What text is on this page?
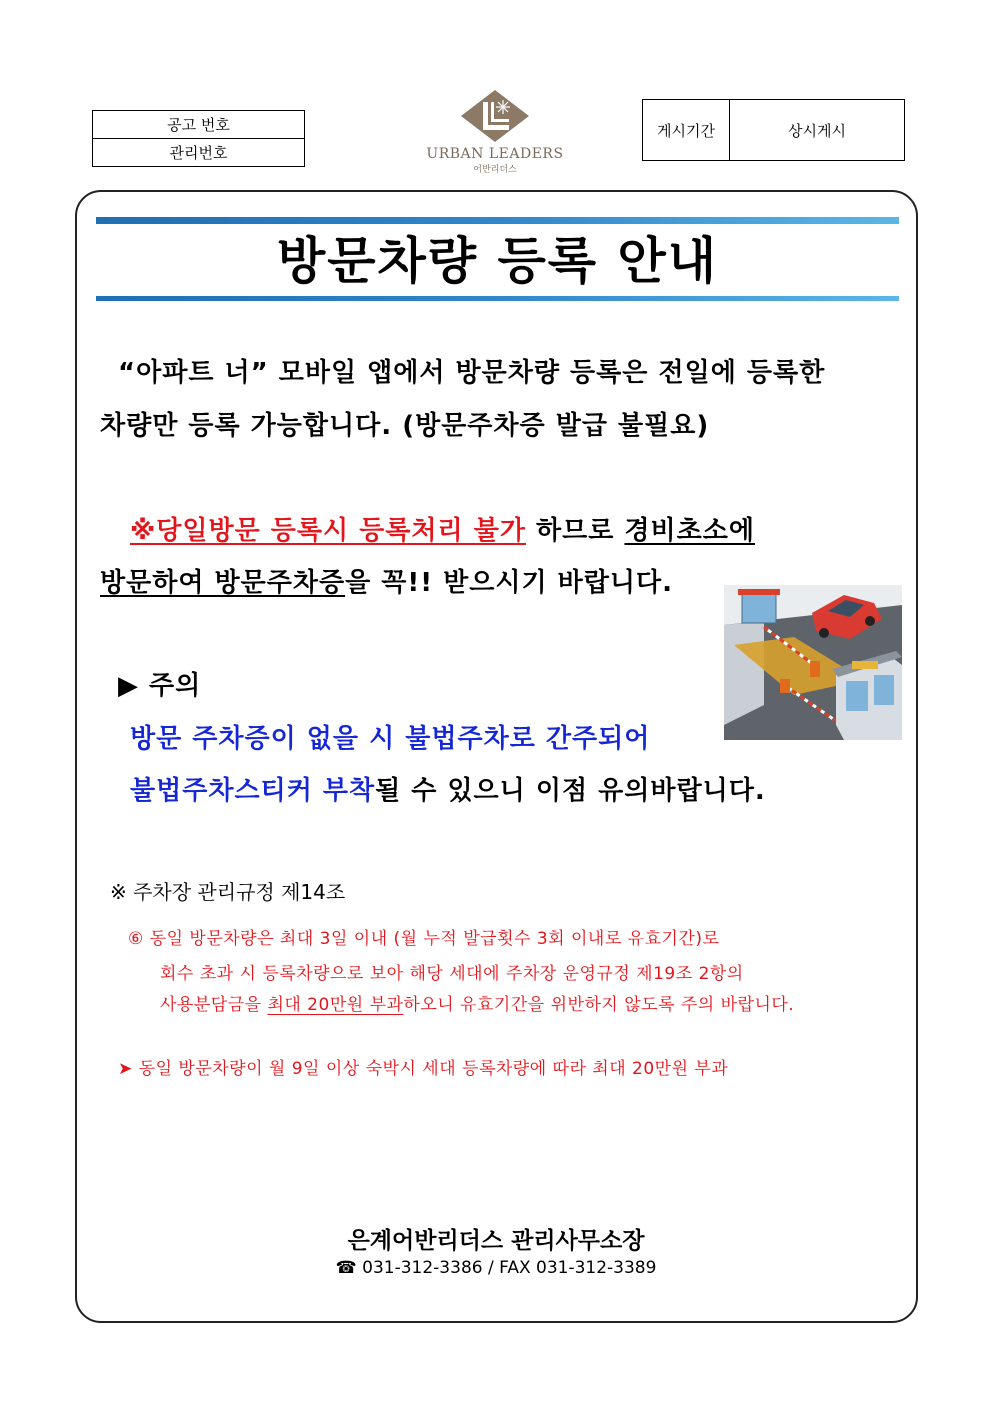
공고 번호
관리번호	URBAN LEADERS
어반리더스
게시기간	상시게시
방문차량 등록 안내
“아파트 너” 모바일 앱에서 방문차량 등록은 전일에 등록한
차량만 등록 가능합니다. (방문주차증 발급 불필요)
※당일방문 등록시 등록처리 불가 하므로 경비초소에
방문하여 방문주차증을 꼭!! 받으시기 바랍니다.
▶ 주의
방문 주차증이 없을 시 불법주차로 간주되어
불법주차스티커 부착될 수 있으니 이점 유의바랍니다.
※ 주차장 관리규정 제14조
⑥ 동일 방문차량은 최대 3일 이내 (월 누적 발급횟수 3회 이내로 유효기간)로
회수 초과 시 등록차량으로 보아 해당 세대에 주차장 운영규정 제19조 2항의
사용분담금을 최대 20만원 부과하오니 유효기간을 위반하지 않도록 주의 바랍니다.
➤ 동일 방문차량이 월 9일 이상 숙박시 세대 등록차량에 따라 최대 20만원 부과
은계어반리더스 관리사무소장
☎ 031-312-3386 / FAX 031-312-3389
